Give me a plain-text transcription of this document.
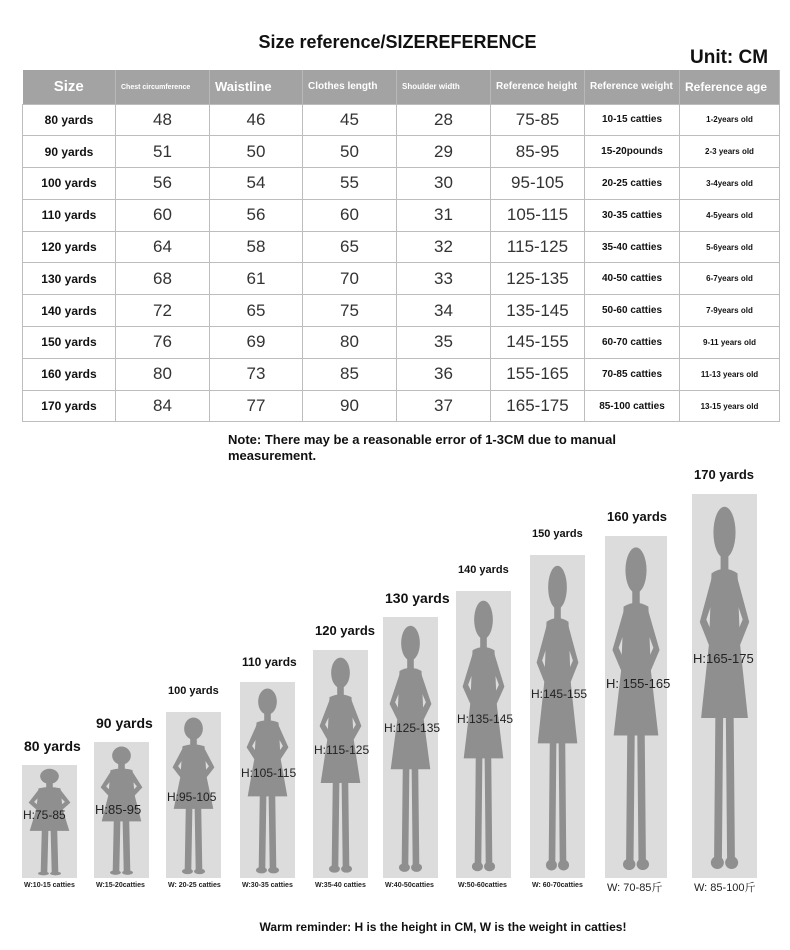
Size reference/SIZEREFERENCE
Unit: CM
Size	Chest circumference	Waistline	Clothes length	Shoulder width	Reference height	Reference weight	Reference age
80 yards	48	46	45	28	75-85	10-15 catties	1-2years old
90 yards	51	50	50	29	85-95	15-20pounds	2-3 years old
100 yards	56	54	55	30	95-105	20-25 catties	3-4years old
110 yards	60	56	60	31	105-115	30-35 catties	4-5years old
120 yards	64	58	65	32	115-125	35-40 catties	5-6years old
130 yards	68	61	70	33	125-135	40-50 catties	6-7years old
140 yards	72	65	75	34	135-145	50-60 catties	7-9years old
150 yards	76	69	80	35	145-155	60-70 catties	9-11 years old
160 yards	80	73	85	36	155-165	70-85 catties	11-13 years old
170 yards	84	77	90	37	165-175	85-100 catties	13-15 years old
Note: There may be a reasonable error of 1-3CM due to manual measurement.
80 yards
H:75-85
W:10-15 catties
90 yards
H:85-95
W:15-20catties
100 yards
H:95-105
W: 20-25 catties
110 yards
H:105-115
W:30-35 catties
120 yards
H:115-125
W:35-40 catties
130 yards
H:125-135
W:40-50catties
140 yards
H:135-145
W:50-60catties
150 yards
H:145-155
W: 60-70catties
160 yards
H: 155-165
W: 70-85斤
170 yards
H:165-175
W: 85-100斤
Warm reminder: H is the height in CM, W is the weight in catties!
